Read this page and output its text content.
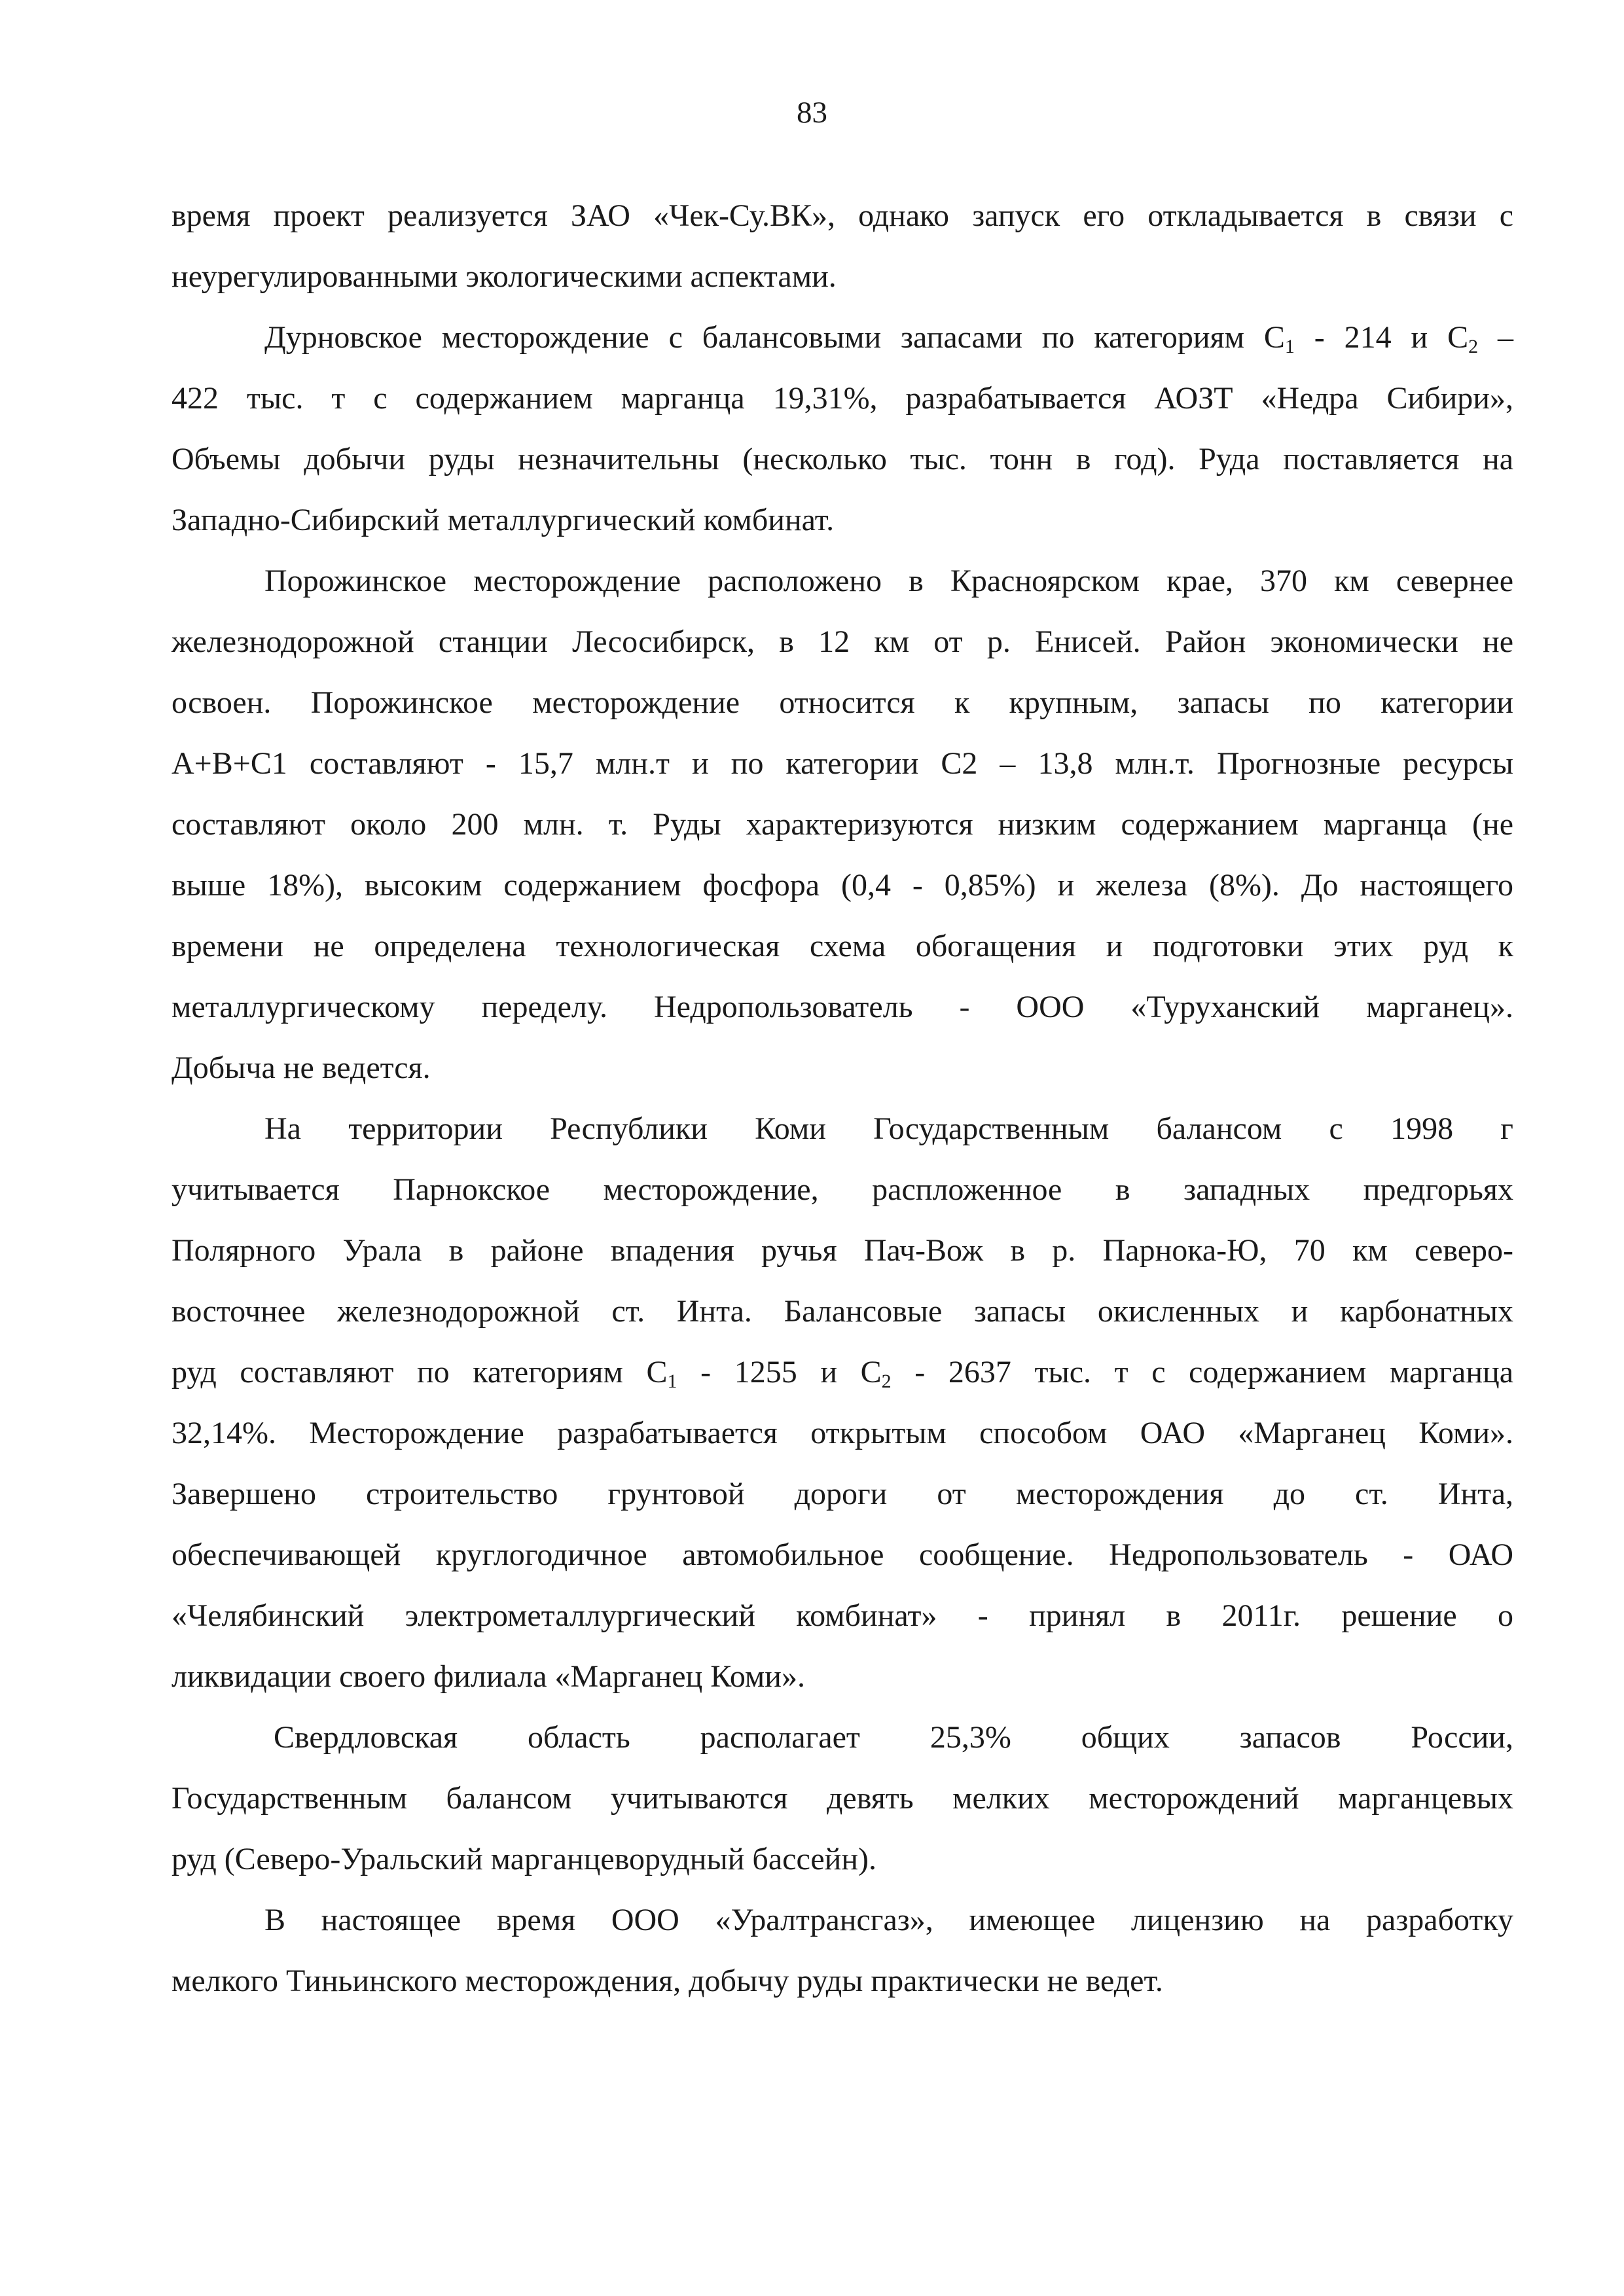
83
время проект реализуется ЗАО «Чек-Су.ВК», однако запуск его откладывается в связи с
неурегулированными экологическими аспектами.
Дурновское месторождение с балансовыми запасами по категориям $С_1 - 214$ и $С_2$ –
422 тыс. т с содержанием марганца 19,31%, разрабатывается АОЗТ «Недра Сибири»,
Объемы добычи руды незначительны (несколько тыс. тонн в год). Руда поставляется на
Западно-Сибирский металлургический комбинат.
Порожинское месторождение расположено в Красноярском крае, 370 км севернее
железнодорожной станции Лесосибирск, в 12 км от р. Енисей. Район экономически не
освоен. Порожинское месторождение относится к крупным, запасы по категории
А+В+С1 составляют - 15,7 млн.т и по категории С2 – 13,8 млн.т. Прогнозные ресурсы
составляют около 200 млн. т. Руды характеризуются низким содержанием марганца (не
выше 18%), высоким содержанием фосфора (0,4 - 0,85%) и железа (8%). До настоящего
времени не определена технологическая схема обогащения и подготовки этих руд к
металлургическому переделу. Недропользователь - ООО «Туруханский марганец».
Добыча не ведется.
На территории Республики Коми Государственным балансом с 1998 г
учитывается Парнокское месторождение, распложенное в западных предгорьях
Полярного Урала в районе впадения ручья Пач-Вож в р. Парнока-Ю, 70 км северо-
восточнее железнодорожной ст. Инта. Балансовые запасы окисленных и карбонатных
руд составляют по категориям $С_1 - 1255$ и $С_2 - 2637$ тыс. т с содержанием марганца
32,14%. Месторождение разрабатывается открытым способом ОАО «Марганец Коми».
Завершено строительство грунтовой дороги от месторождения до ст. Инта,
обеспечивающей круглогодичное автомобильное сообщение. Недропользователь - ОАО
«Челябинский электрометаллургический комбинат» - принял в 2011г. решение о
ликвидации своего филиала «Марганец Коми».
Свердловская область располагает 25,3% общих запасов России,
Государственным балансом учитываются девять мелких месторождений марганцевых
руд (Северо-Уральский марганцеворудный бассейн).
В настоящее время ООО «Уралтрансгаз», имеющее лицензию на разработку
мелкого Тиньинского месторождения, добычу руды практически не ведет.
